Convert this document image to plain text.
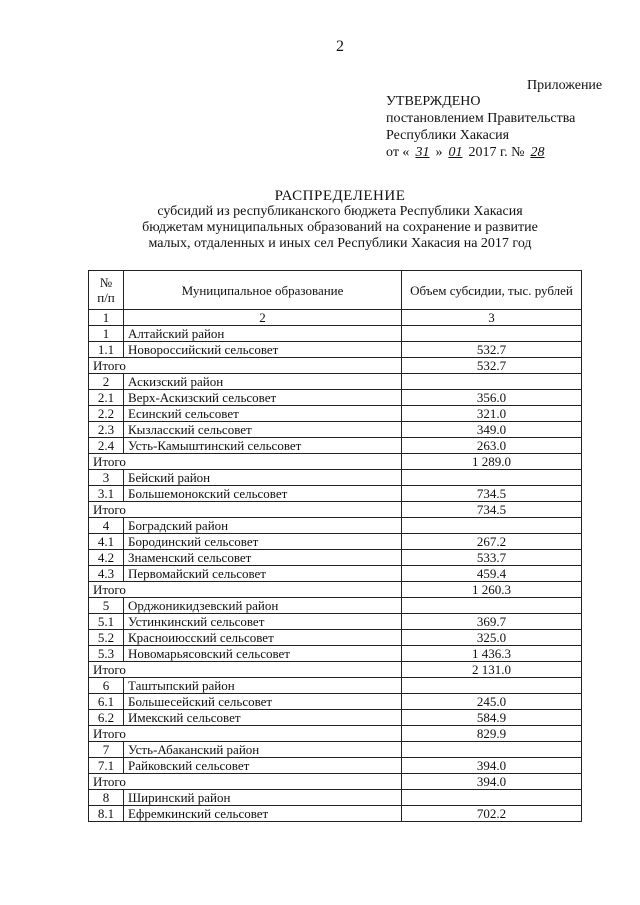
2
Приложение
УТВЕРЖДЕНО
постановлением Правительства
Республики Хакасия
от « 31 » 01 2017 г. № 28
РАСПРЕДЕЛЕНИЕ
субсидий из республиканского бюджета Республики Хакасия
бюджетам муниципальных образований на сохранение и развитие
малых, отдаленных и иных сел Республики Хакасия на 2017 год
№ п/п	Муниципальное образование	Объем субсидии, тыс. рублей
1	2	3
1	Алтайский район	
1.1	Новороссийский сельсовет	532.7
Итого		532.7
2	Аскизский район	
2.1	Верх-Аскизский сельсовет	356.0
2.2	Есинский сельсовет	321.0
2.3	Кызласский сельсовет	349.0
2.4	Усть-Камыштинский сельсовет	263.0
Итого		1 289.0
3	Бейский район	
3.1	Большемонокский сельсовет	734.5
Итого		734.5
4	Боградский район	
4.1	Бородинский сельсовет	267.2
4.2	Знаменский сельсовет	533.7
4.3	Первомайский сельсовет	459.4
Итого		1 260.3
5	Орджоникидзевский район	
5.1	Устинкинский сельсовет	369.7
5.2	Красноиюсский сельсовет	325.0
5.3	Новомарьясовский сельсовет	1 436.3
Итого		2 131.0
6	Таштыпский район	
6.1	Большесейский сельсовет	245.0
6.2	Имекский сельсовет	584.9
Итого		829.9
7	Усть-Абаканский район	
7.1	Райковский сельсовет	394.0
Итого		394.0
8	Ширинский район	
8.1	Ефремкинский сельсовет	702.2
